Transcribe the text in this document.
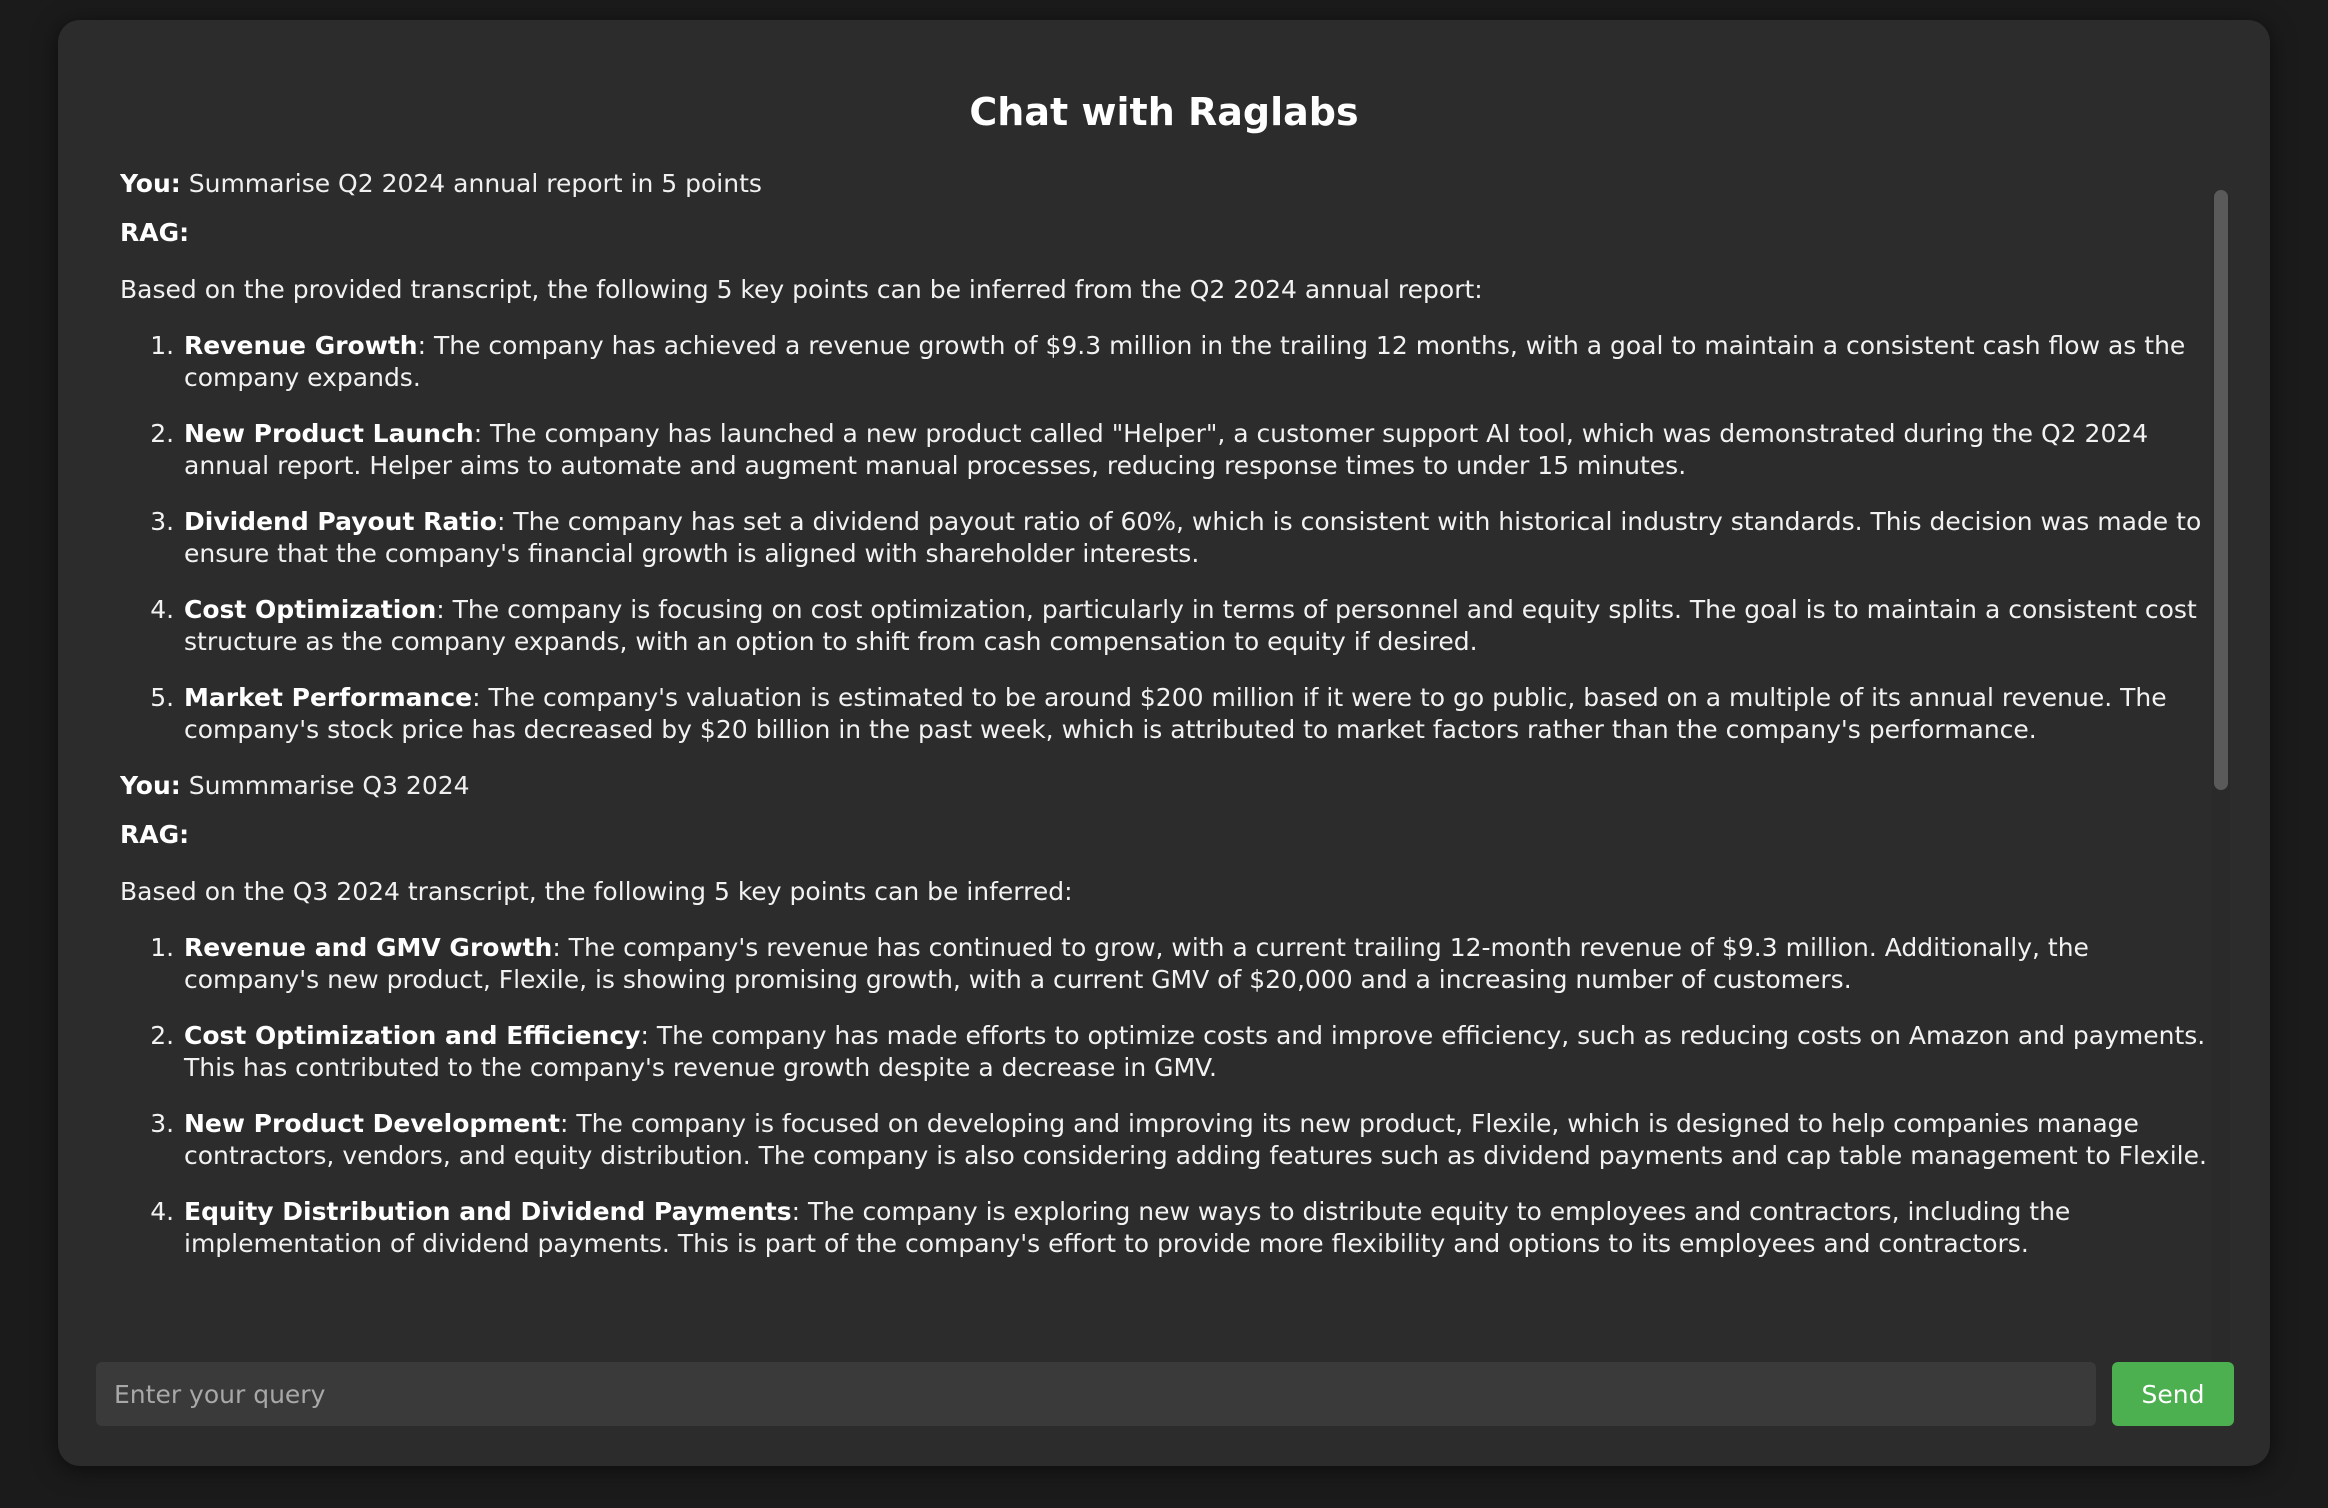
Chat with Raglabs

You: Summarise Q2 2024 annual report in 5 points

RAG:

Based on the provided transcript, the following 5 key points can be inferred from the Q2 2024 annual report:

1. Revenue Growth: The company has achieved a revenue growth of $9.3 million in the trailing 12 months, with a goal to maintain a consistent cash flow as the company expands.
2. New Product Launch: The company has launched a new product called "Helper", a customer support AI tool, which was demonstrated during the Q2 2024 annual report. Helper aims to automate and augment manual processes, reducing response times to under 15 minutes.
3. Dividend Payout Ratio: The company has set a dividend payout ratio of 60%, which is consistent with historical industry standards. This decision was made to ensure that the company's financial growth is aligned with shareholder interests.
4. Cost Optimization: The company is focusing on cost optimization, particularly in terms of personnel and equity splits. The goal is to maintain a consistent cost structure as the company expands, with an option to shift from cash compensation to equity if desired.
5. Market Performance: The company's valuation is estimated to be around $200 million if it were to go public, based on a multiple of its annual revenue. The company's stock price has decreased by $20 billion in the past week, which is attributed to market factors rather than the company's performance.

You: Summmarise Q3 2024

RAG:

Based on the Q3 2024 transcript, the following 5 key points can be inferred:

1. Revenue and GMV Growth: The company's revenue has continued to grow, with a current trailing 12-month revenue of $9.3 million. Additionally, the company's new product, Flexile, is showing promising growth, with a current GMV of $20,000 and a increasing number of customers.
2. Cost Optimization and Efficiency: The company has made efforts to optimize costs and improve efficiency, such as reducing costs on Amazon and payments. This has contributed to the company's revenue growth despite a decrease in GMV.
3. New Product Development: The company is focused on developing and improving its new product, Flexile, which is designed to help companies manage contractors, vendors, and equity distribution. The company is also considering adding features such as dividend payments and cap table management to Flexile.
4. Equity Distribution and Dividend Payments: The company is exploring new ways to distribute equity to employees and contractors, including the implementation of dividend payments. This is part of the company's effort to provide more flexibility and options to its employees and contractors.
Enter your query
Send
